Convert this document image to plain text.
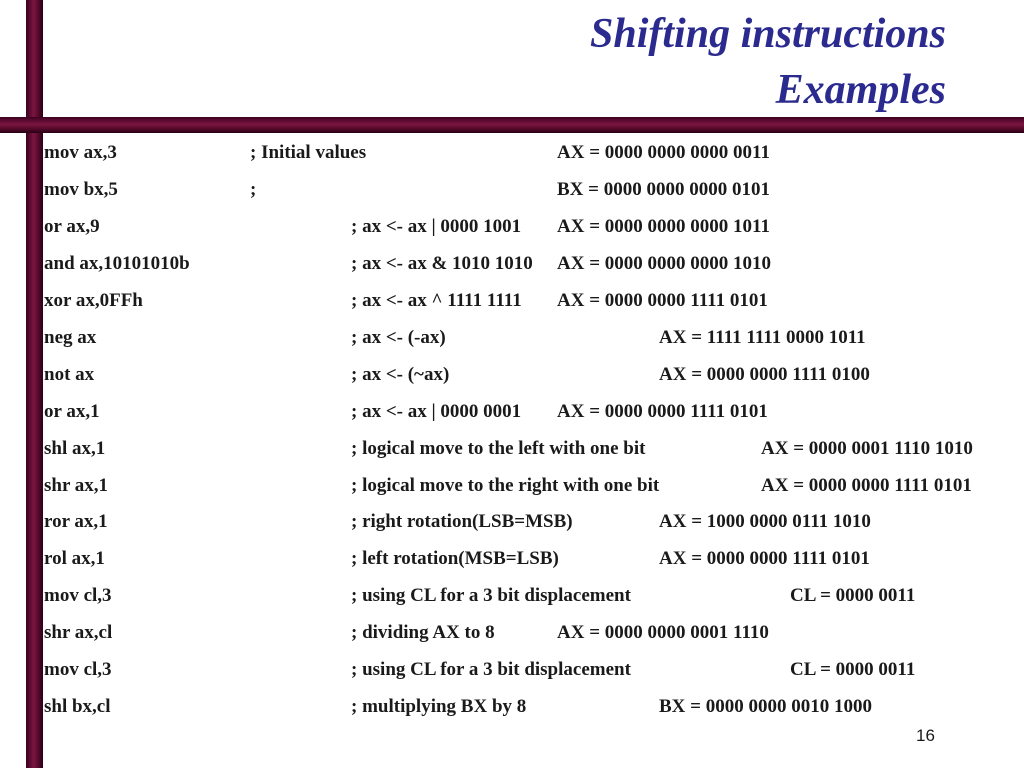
Shifting instructions
Examples
mov ax,3	; Initial values	AX = 0000 0000 0000 0011
mov bx,5	;	BX = 0000 0000 0000 0101
or ax,9	; ax <- ax | 0000 1001 AX = 0000 0000 0000 1011
and ax,10101010b	; ax <- ax & 1010 1010 AX = 0000 0000 0000 1010
xor ax,0FFh	; ax <- ax ^ 1111 1111 AX = 0000 0000 1111 0101
neg ax	; ax <- (-ax)	AX = 1111 1111 0000 1011
not ax	; ax <- (~ax)	AX = 0000 0000 1111 0100
or ax,1	; ax <- ax | 0000 0001 AX = 0000 0000 1111 0101
shl ax,1	; logical move to the left with one bit	AX = 0000 0001 1110 1010
shr ax,1	; logical move to the right with one bit	AX = 0000 0000 1111 0101
ror ax,1	; right rotation(LSB=MSB)	AX = 1000 0000 0111 1010
rol ax,1	; left rotation(MSB=LSB)	AX = 0000 0000 1111 0101
mov cl,3	; using CL for a 3 bit displacement	CL = 0000 0011
shr ax,cl	; dividing AX to 8	AX = 0000 0000 0001 1110
mov cl,3	; using CL for a 3 bit displacement	CL = 0000 0011
shl bx,cl	; multiplying BX by 8	BX = 0000 0000 0010 1000
16
